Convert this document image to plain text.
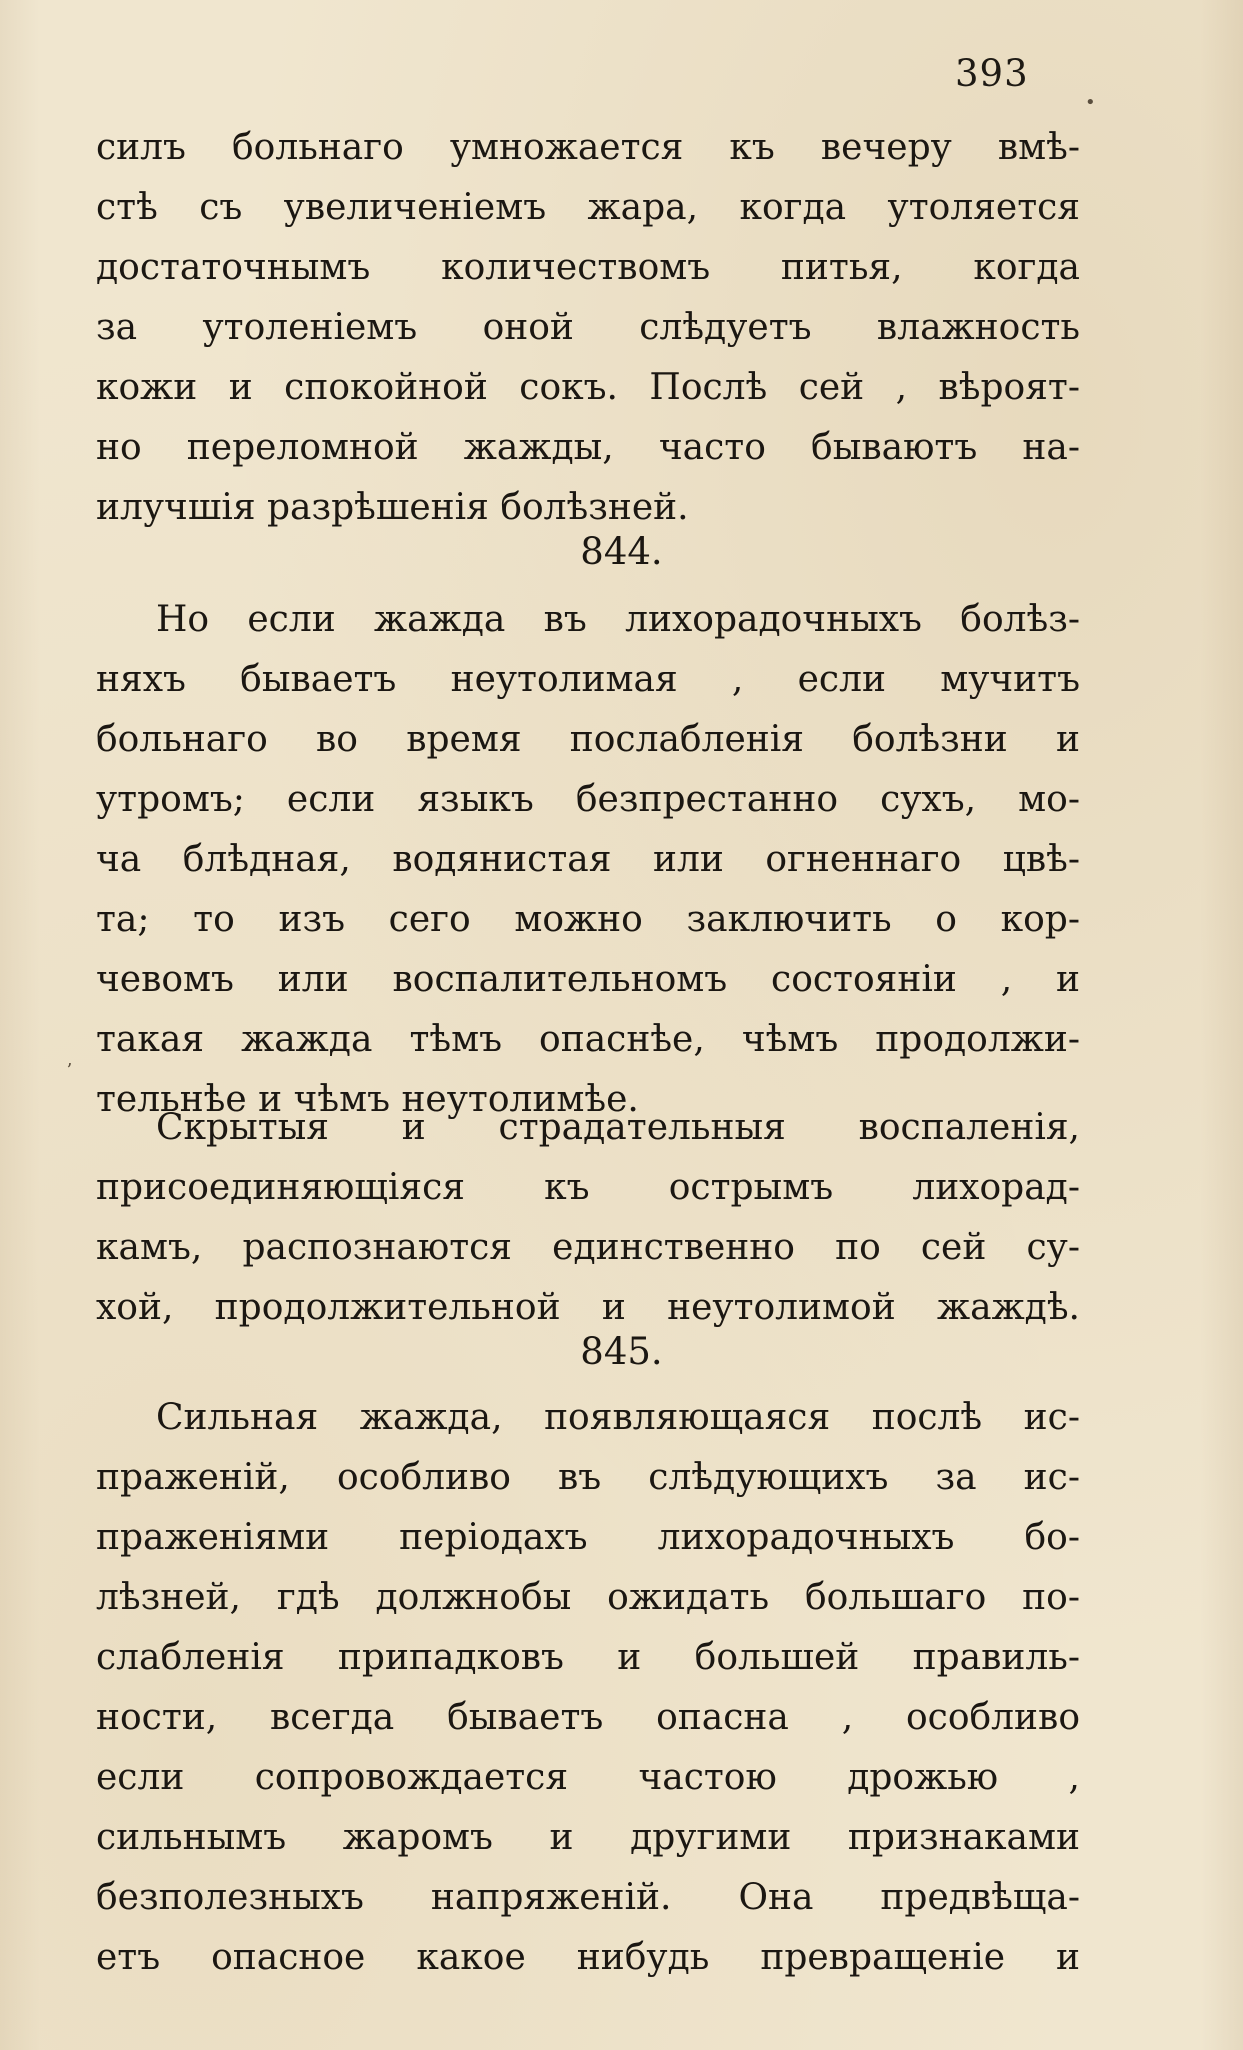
393
силъ больнаго умножается къ вечеру вмѣ-
стѣ съ увеличеніемъ жара, когда утоляется
достаточнымъ количествомъ питья, когда
за утоленіемъ оной слѣдуетъ влажность
кожи и спокойной сокъ. Послѣ сей , вѣроят-
но переломной жажды, часто бываютъ на-
илучшія разрѣшенія болѣзней.
844.
Но если жажда въ лихорадочныхъ болѣз-
няхъ бываетъ неутолимая , если мучитъ
больнаго во время послабленія болѣзни и
утромъ; если языкъ безпрестанно сухъ, мо-
ча блѣдная, водянистая или огненнаго цвѣ-
та; то изъ сего можно заключить о кор-
чевомъ или воспалительномъ состояніи , и
такая жажда тѣмъ опаснѣе, чѣмъ продолжи-
тельнѣе и чѣмъ неутолимѣе.
Скрытыя и страдательныя воспаленія,
присоединяющіяся къ острымъ лихорад-
камъ, распознаются единственно по сей су-
хой, продолжительной и неутолимой жаждѣ.
845.
Сильная жажда, появляющаяся послѣ ис-
праженій, особливо въ слѣдующихъ за ис-
праженіями періодахъ лихорадочныхъ бо-
лѣзней, гдѣ должнобы ожидать большаго по-
слабленія припадковъ и большей правиль-
ности, всегда бываетъ опасна , особливо
если сопровождается частою дрожью ,
сильнымъ жаромъ и другими признаками
безполезныхъ напряженій. Она предвѣща-
етъ опасное какое нибудь превращеніе и
•
ʼ
